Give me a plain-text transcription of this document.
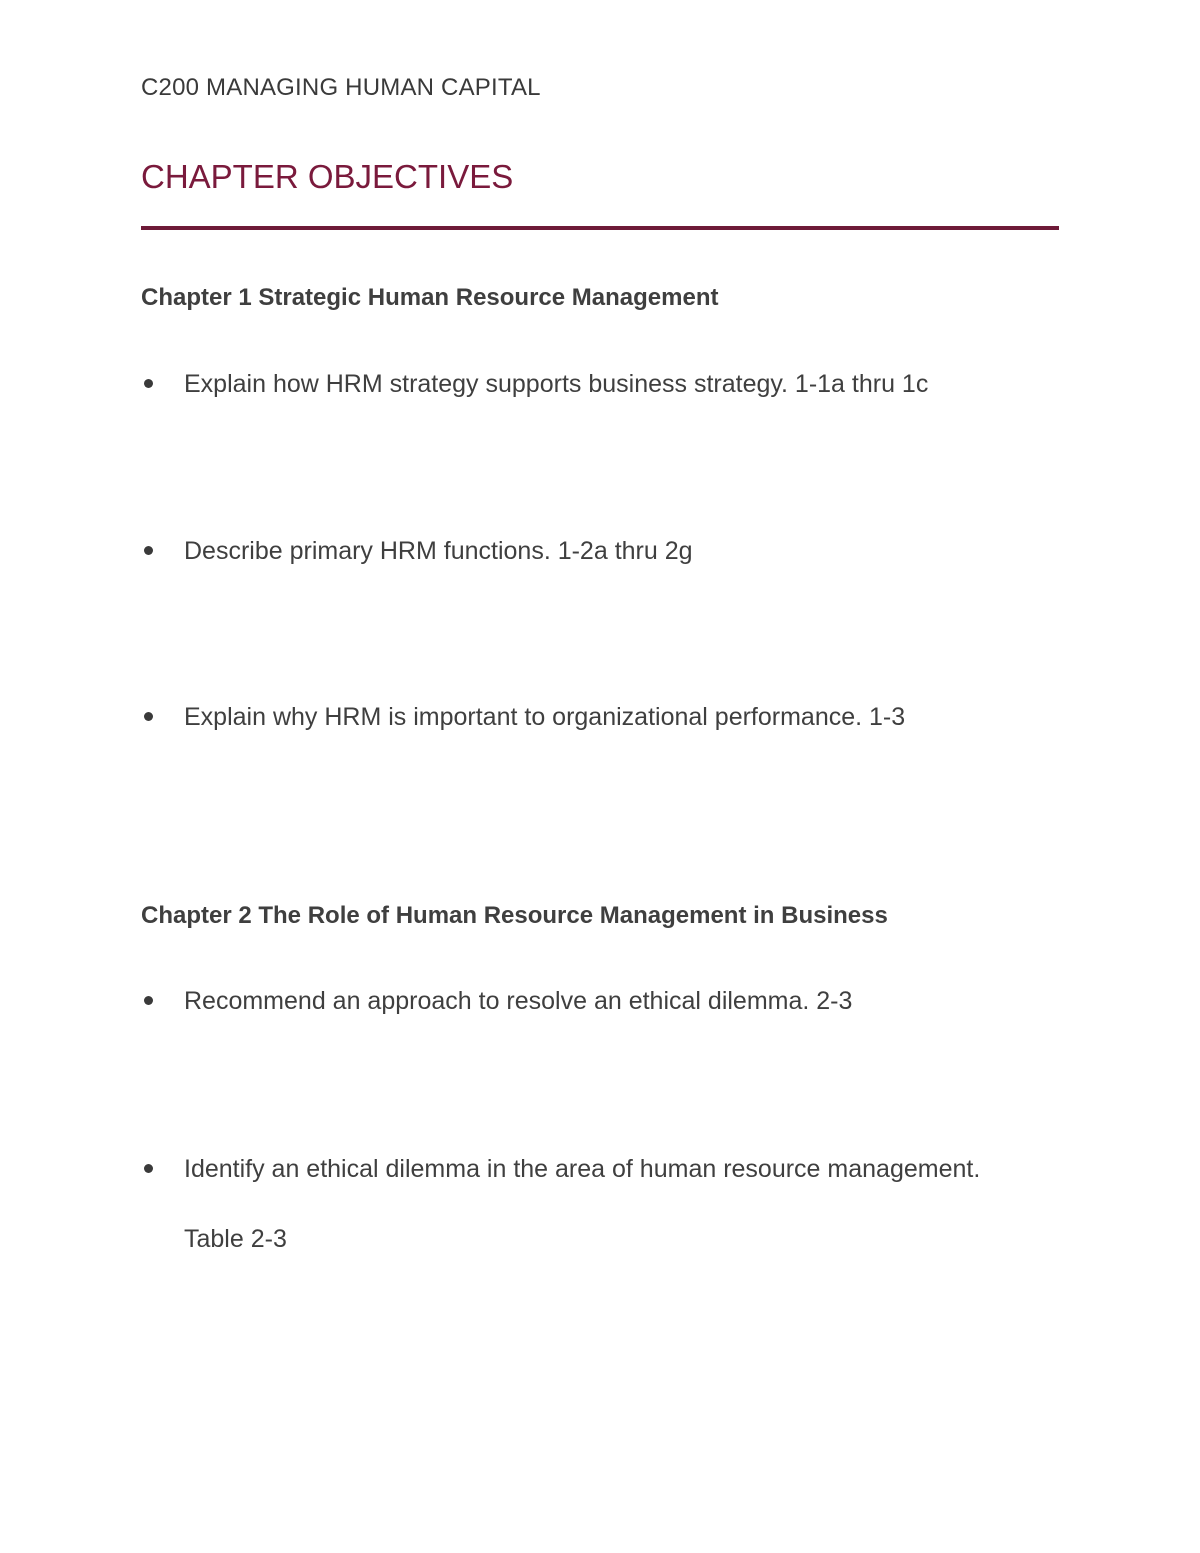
C200 MANAGING HUMAN CAPITAL
CHAPTER OBJECTIVES
Chapter 1 Strategic Human Resource Management
Explain how HRM strategy supports business strategy. 1-1a thru 1c
Describe primary HRM functions. 1-2a thru 2g
Explain why HRM is important to organizational performance. 1-3
Chapter 2 The Role of Human Resource Management in Business
Recommend an approach to resolve an ethical dilemma. 2-3
Identify an ethical dilemma in the area of human resource management.
Table 2-3
